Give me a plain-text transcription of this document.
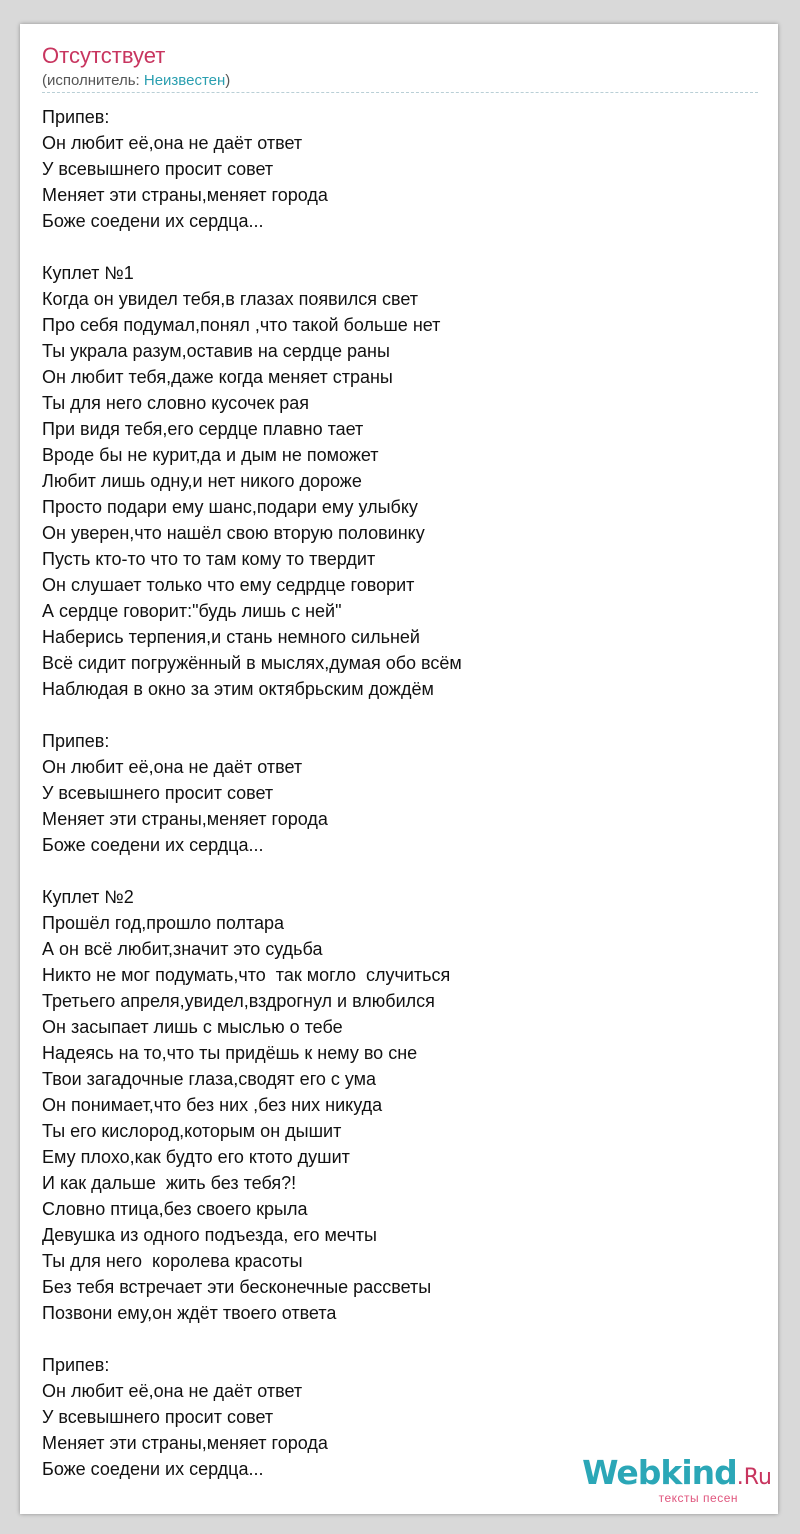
Отсутствует
(исполнитель: Неизвестен)
Припев:
Он любит её,она не даёт ответ
У всевышнего просит совет
Меняет эти страны,меняет города
Боже соедени их сердца...
Куплет №1
Когда он увидел тебя,в глазах появился свет
Про себя подумал,понял ,что такой больше нет
Ты украла разум,оставив на сердце раны
Он любит тебя,даже когда меняет страны
Ты для него словно кусочек рая
При видя тебя,его сердце плавно тает
Вроде бы не курит,да и дым не поможет
Любит лишь одну,и нет никого дороже
Просто подари ему шанс,подари ему улыбку
Он уверен,что нашёл свою вторую половинку
Пусть кто-то что то там кому то твердит
Он слушает только что ему седрдце говорит
А сердце говорит:"будь лишь с ней"
Наберись терпения,и стань немного сильней
Всё сидит погружённый в мыслях,думая обо всём
Наблюдая в окно за этим октябрьским дождём
Припев:
Он любит её,она не даёт ответ
У всевышнего просит совет
Меняет эти страны,меняет города
Боже соедени их сердца...
Куплет №2
Прошёл год,прошло полтара
А он всё любит,значит это судьба
Никто не мог подумать,что  так могло  случиться
Третьего апреля,увидел,вздрогнул и влюбился
Он засыпает лишь с мыслью о тебе
Надеясь на то,что ты придёшь к нему во сне
Твои загадочные глаза,сводят его с ума
Он понимает,что без них ,без них никуда
Ты его кислород,которым он дышит
Ему плохо,как будто его ктото душит
И как дальше  жить без тебя?!
Словно птица,без своего крыла
Девушка из одного подъезда, его мечты
Ты для него  королева красоты
Без тебя встречает эти бесконечные рассветы
Позвони ему,он ждёт твоего ответа
Припев:
Он любит её,она не даёт ответ
У всевышнего просит совет
Меняет эти страны,меняет города
Боже соедени их сердца...	Webkind.Ru
тексты песен
